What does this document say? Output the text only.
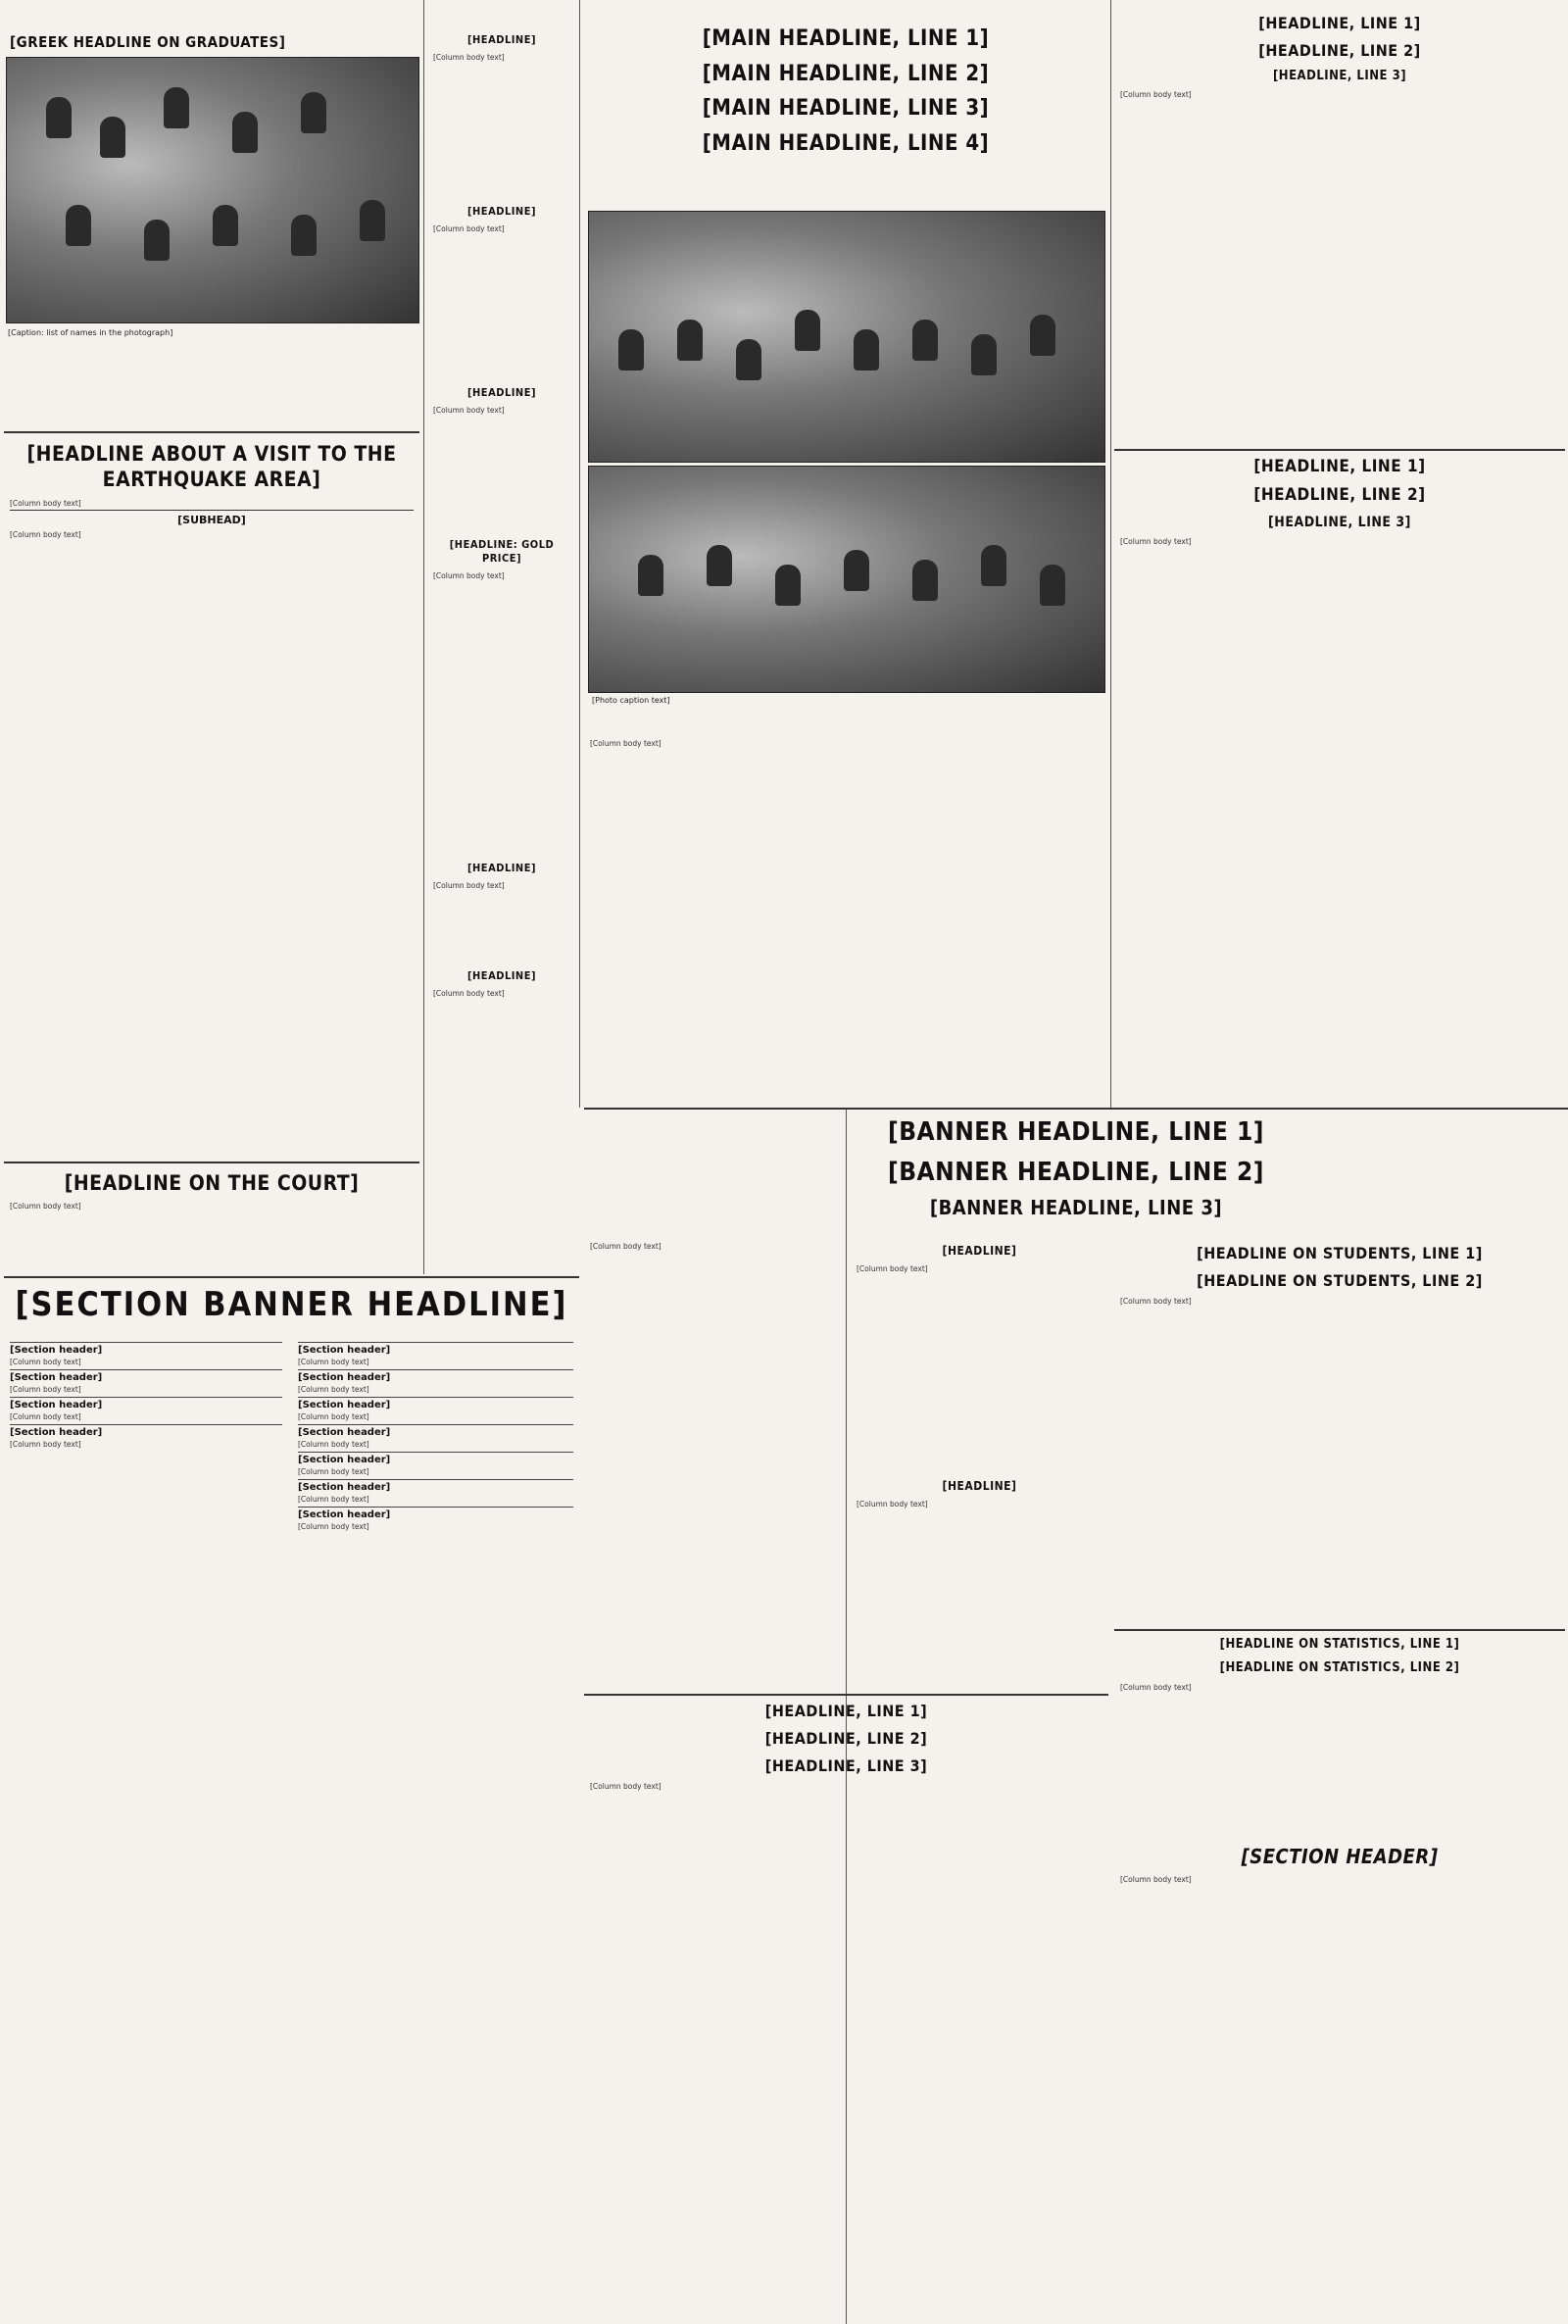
[GREEK HEADLINE ON GRADUATES]
[Caption: list of names in the photograph]
[HEADLINE ABOUT A VISIT TO THE EARTHQUAKE AREA]

[Column body text]

[SUBHEAD]

[Column body text]

[HEADLINE ON THE COURT]

[Column body text]

[HEADLINE]

[Column body text]

[HEADLINE]

[Column body text]

[HEADLINE]

[Column body text]

[HEADLINE: GOLD PRICE]

[Column body text]

[HEADLINE]

[Column body text]

[HEADLINE]

[Column body text]

[MAIN HEADLINE, LINE 1]
[MAIN HEADLINE, LINE 2]
[MAIN HEADLINE, LINE 3]
[MAIN HEADLINE, LINE 4]
[Photo caption text]

[Column body text]

[HEADLINE, LINE 1]
[HEADLINE, LINE 2]
[HEADLINE, LINE 3]

[Column body text]

[HEADLINE, LINE 1]
[HEADLINE, LINE 2]
[HEADLINE, LINE 3]

[Column body text]

[BANNER HEADLINE, LINE 1]
[BANNER HEADLINE, LINE 2]
[BANNER HEADLINE, LINE 3]

[Column body text]	[HEADLINE]

[Column body text]

[HEADLINE]

[Column body text]

[HEADLINE ON STUDENTS, LINE 1]
[HEADLINE ON STUDENTS, LINE 2]

[Column body text]

[HEADLINE ON STATISTICS, LINE 1]
[HEADLINE ON STATISTICS, LINE 2]

[Column body text]

[SECTION HEADER]

[Column body text]

[HEADLINE, LINE 1]
[HEADLINE, LINE 2]
[HEADLINE, LINE 3]

[Column body text]

[SECTION BANNER HEADLINE]
[Section header]

[Column body text]

[Section header]

[Column body text]

[Section header]

[Column body text]

[Section header]

[Column body text]

[Section header]

[Column body text]

[Section header]

[Column body text]

[Section header]

[Column body text]

[Section header]

[Column body text]

[Section header]

[Column body text]

[Section header]

[Column body text]

[Section header]

[Column body text]
